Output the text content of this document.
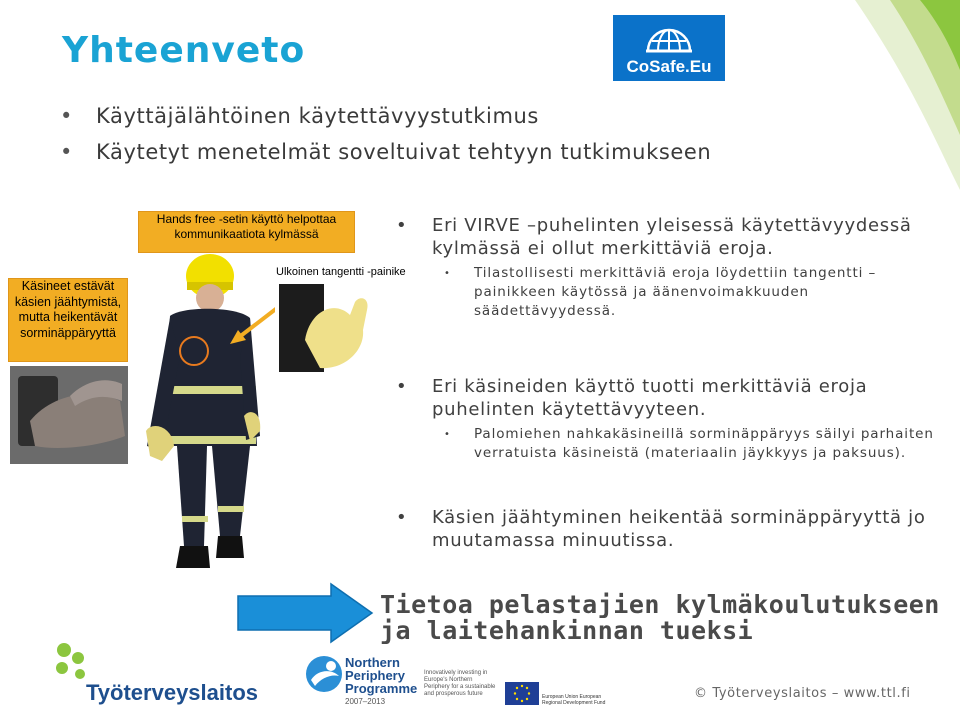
Yhteenveto
• Käyttäjälähtöinen käytettävyystutkimus
• Käytetyt menetelmät soveltuivat tehtyyn tutkimukseen
CoSafe.Eu
Hands free -setin käyttö helpottaa kommunikaatiota kylmässä
Käsineet estävät käsien jäähtymistä, mutta heikentävät sorminäppäryyttä
Ulkoinen tangentti -painike
• Eri VIRVE –puhelinten yleisessä käytettävyydessä kylmässä ei ollut merkittäviä eroja.
• Tilastollisesti merkittäviä eroja löydettiin tangentti –painikkeen käytössä ja äänenvoimakkuuden säädettävyydessä.
• Eri käsineiden käyttö tuotti merkittäviä eroja puhelinten käytettävyyteen.
• Palomiehen nahkakäsineillä sorminäppäryys säilyi parhaiten verratuista käsineistä (materiaalin jäykkyys ja paksuus).
• Käsien jäähtyminen heikentää sorminäppäryyttä jo muutamassa minuutissa.
Tietoa pelastajien kylmäkoulutukseen ja laitehankinnan tueksi
Työterveyslaitos
Northern
Periphery
Programme
2007–2013
Innovatively investing in Europe's Northern Periphery for a sustainable and prosperous future	European Union European Regional Development Fund
© Työterveyslaitos – www.ttl.fi
